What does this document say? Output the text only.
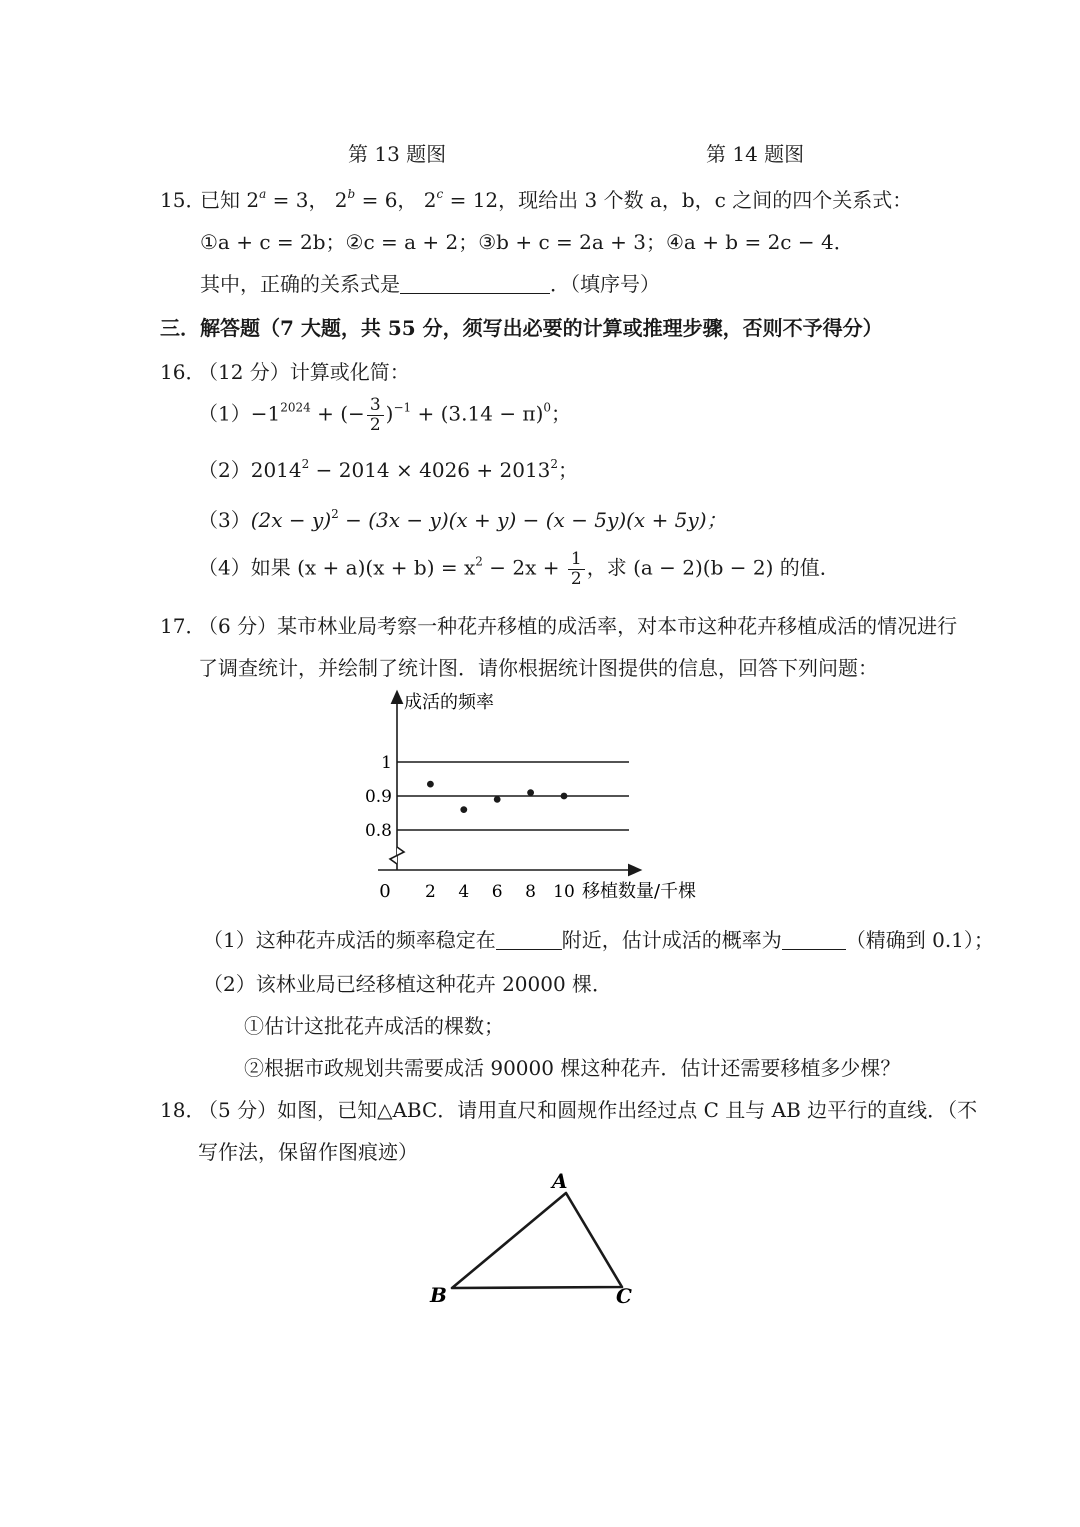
第 13 题图	第 14 题图
15．
已知 $2^a = 3$， $2^b = 6$， $2^c = 12$，现给出 3 个数 a，b，c 之间的四个关系式：
①a + c = 2b；②c = a + 2；③b + c = 2a + 3；④a + b = 2c − 4．
其中，正确的关系式是	．（填序号）
三．解答题（7 大题，共 55 分，须写出必要的计算或推理步骤，否则不予得分）
16．
（12 分）计算或化简：
$(1)-1^{2024}$ + (− $\frac{3}{2} )^{-1} + (3.14 - \pi)^0$；
$(2)2014^2 - 2014 \times 4026 + 2013^2$；
$(3)(2x - y)^2 - (3x - y)(x + y) - (x - 5y)(x + 5y)$；
（4）如果 $(x + a)(x + b) = x^2 - 2x + \frac{1}{2}$ ，求 (a − 2)(b − 2) 的值．
17．
（6 分）某市林业局考察一种花卉移植的成活率，对本市这种花卉移植成活的情况进行
了调查统计，并绘制了统计图．请你根据统计图提供的信息，回答下列问题：
0.8
0.9
1
2 4 6 8 10
0
成活的频率
移植数量/千棵
（1）这种花卉成活的频率稳定在	附近，估计成活的概率为	（精确到 0.1）；
（2）该林业局已经移植这种花卉 20000 棵．
①估计这批花卉成活的棵数；
②根据市政规划共需要成活 90000 棵这种花卉．估计还需要移植多少棵？
18．
（5 分）如图，已知△ABC．请用直尺和圆规作出经过点 C 且与 AB 边平行的直线．（不
写作法，保留作图痕迹）
A
B	C
